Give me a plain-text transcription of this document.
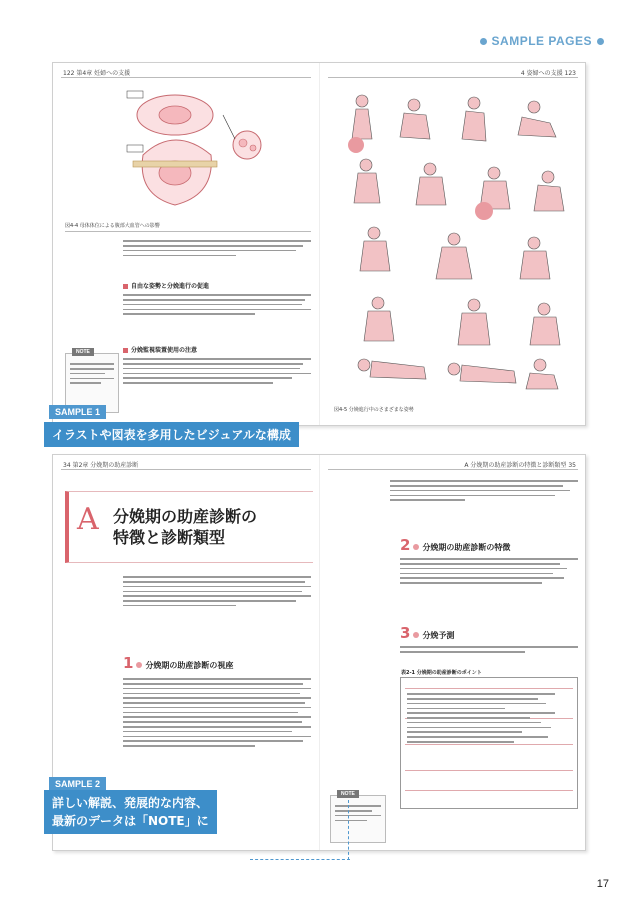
SAMPLE PAGES
122 第4章 妊婦への支援
図4-4 母体体位による腹部大血管への影響
自由な姿勢と分娩進行の促進
分娩監視装置使用の注意
NOTE
4 姿婦への支援 123
図4-5 分娩進行中のさまざまな姿勢
SAMPLE 1
イラストや図表を多用したビジュアルな構成
34 第2章 分娩期の助産診断
A 分娩期の助産診断の
特徴と診断類型
1 分娩期の助産診断の視座
A 分娩期の助産診断の特徴と診断類型 35
2 分娩期の助産診断の特徴
3 分娩予測
表2-1 分娩期の助産診断のポイント
NOTE
SAMPLE 2
詳しい解説、発展的な内容、
最新のデータは「NOTE」に
17
